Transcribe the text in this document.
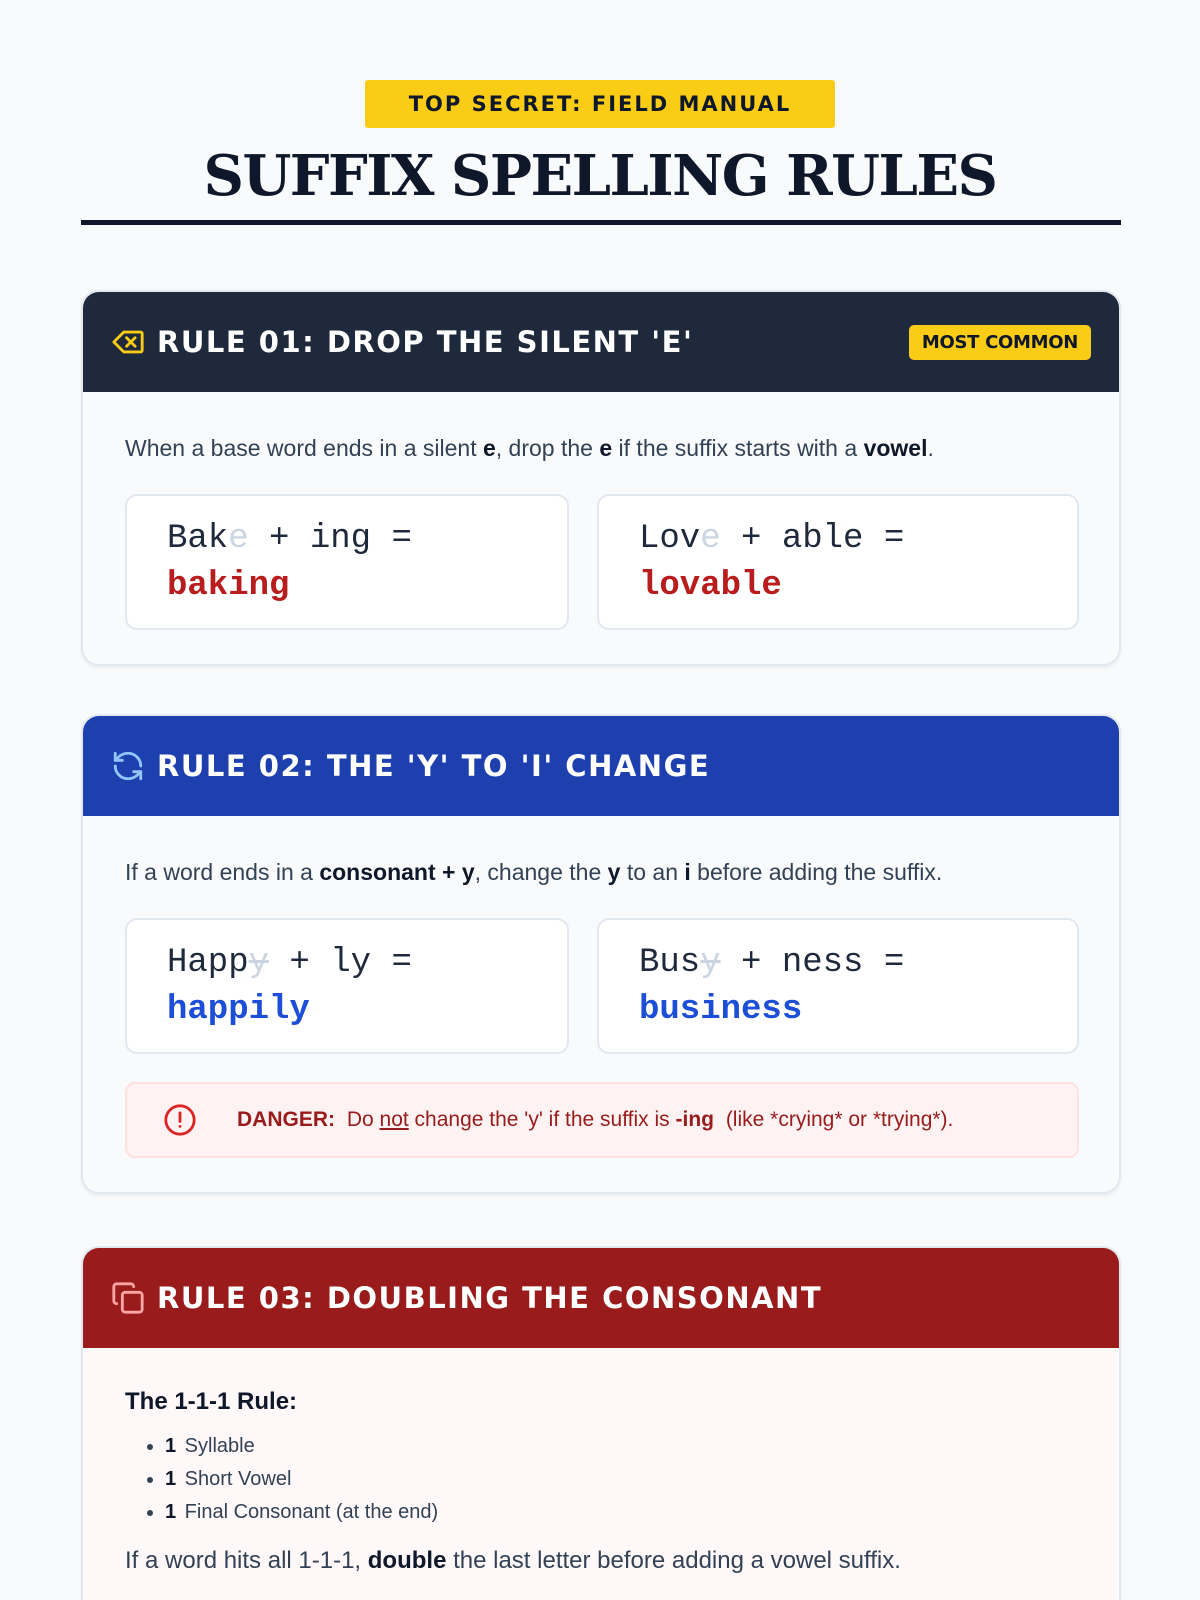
TOP SECRET: FIELD MANUAL
SUFFIX SPELLING RULES
RULE 01: DROP THE SILENT 'E'	MOST COMMON

When a base word ends in a silent e, drop the e if the suffix starts with a vowel.

Bake + ing =
baking
Love + able =
lovable
RULE 02: THE 'Y' TO 'I' CHANGE

If a word ends in a consonant + y, change the y to an i before adding the suffix.

Happy + ly =
happily
Busy + ness =
business
DANGER: Do not change the 'y' if the suffix is -ing (like *crying* or *trying*).
RULE 03: DOUBLING THE CONSONANT

The 1-1-1 Rule:

• 1 Syllable
• 1 Short Vowel
• 1 Final Consonant (at the end)

If a word hits all 1-1-1, double the last letter before adding a vowel suffix.
